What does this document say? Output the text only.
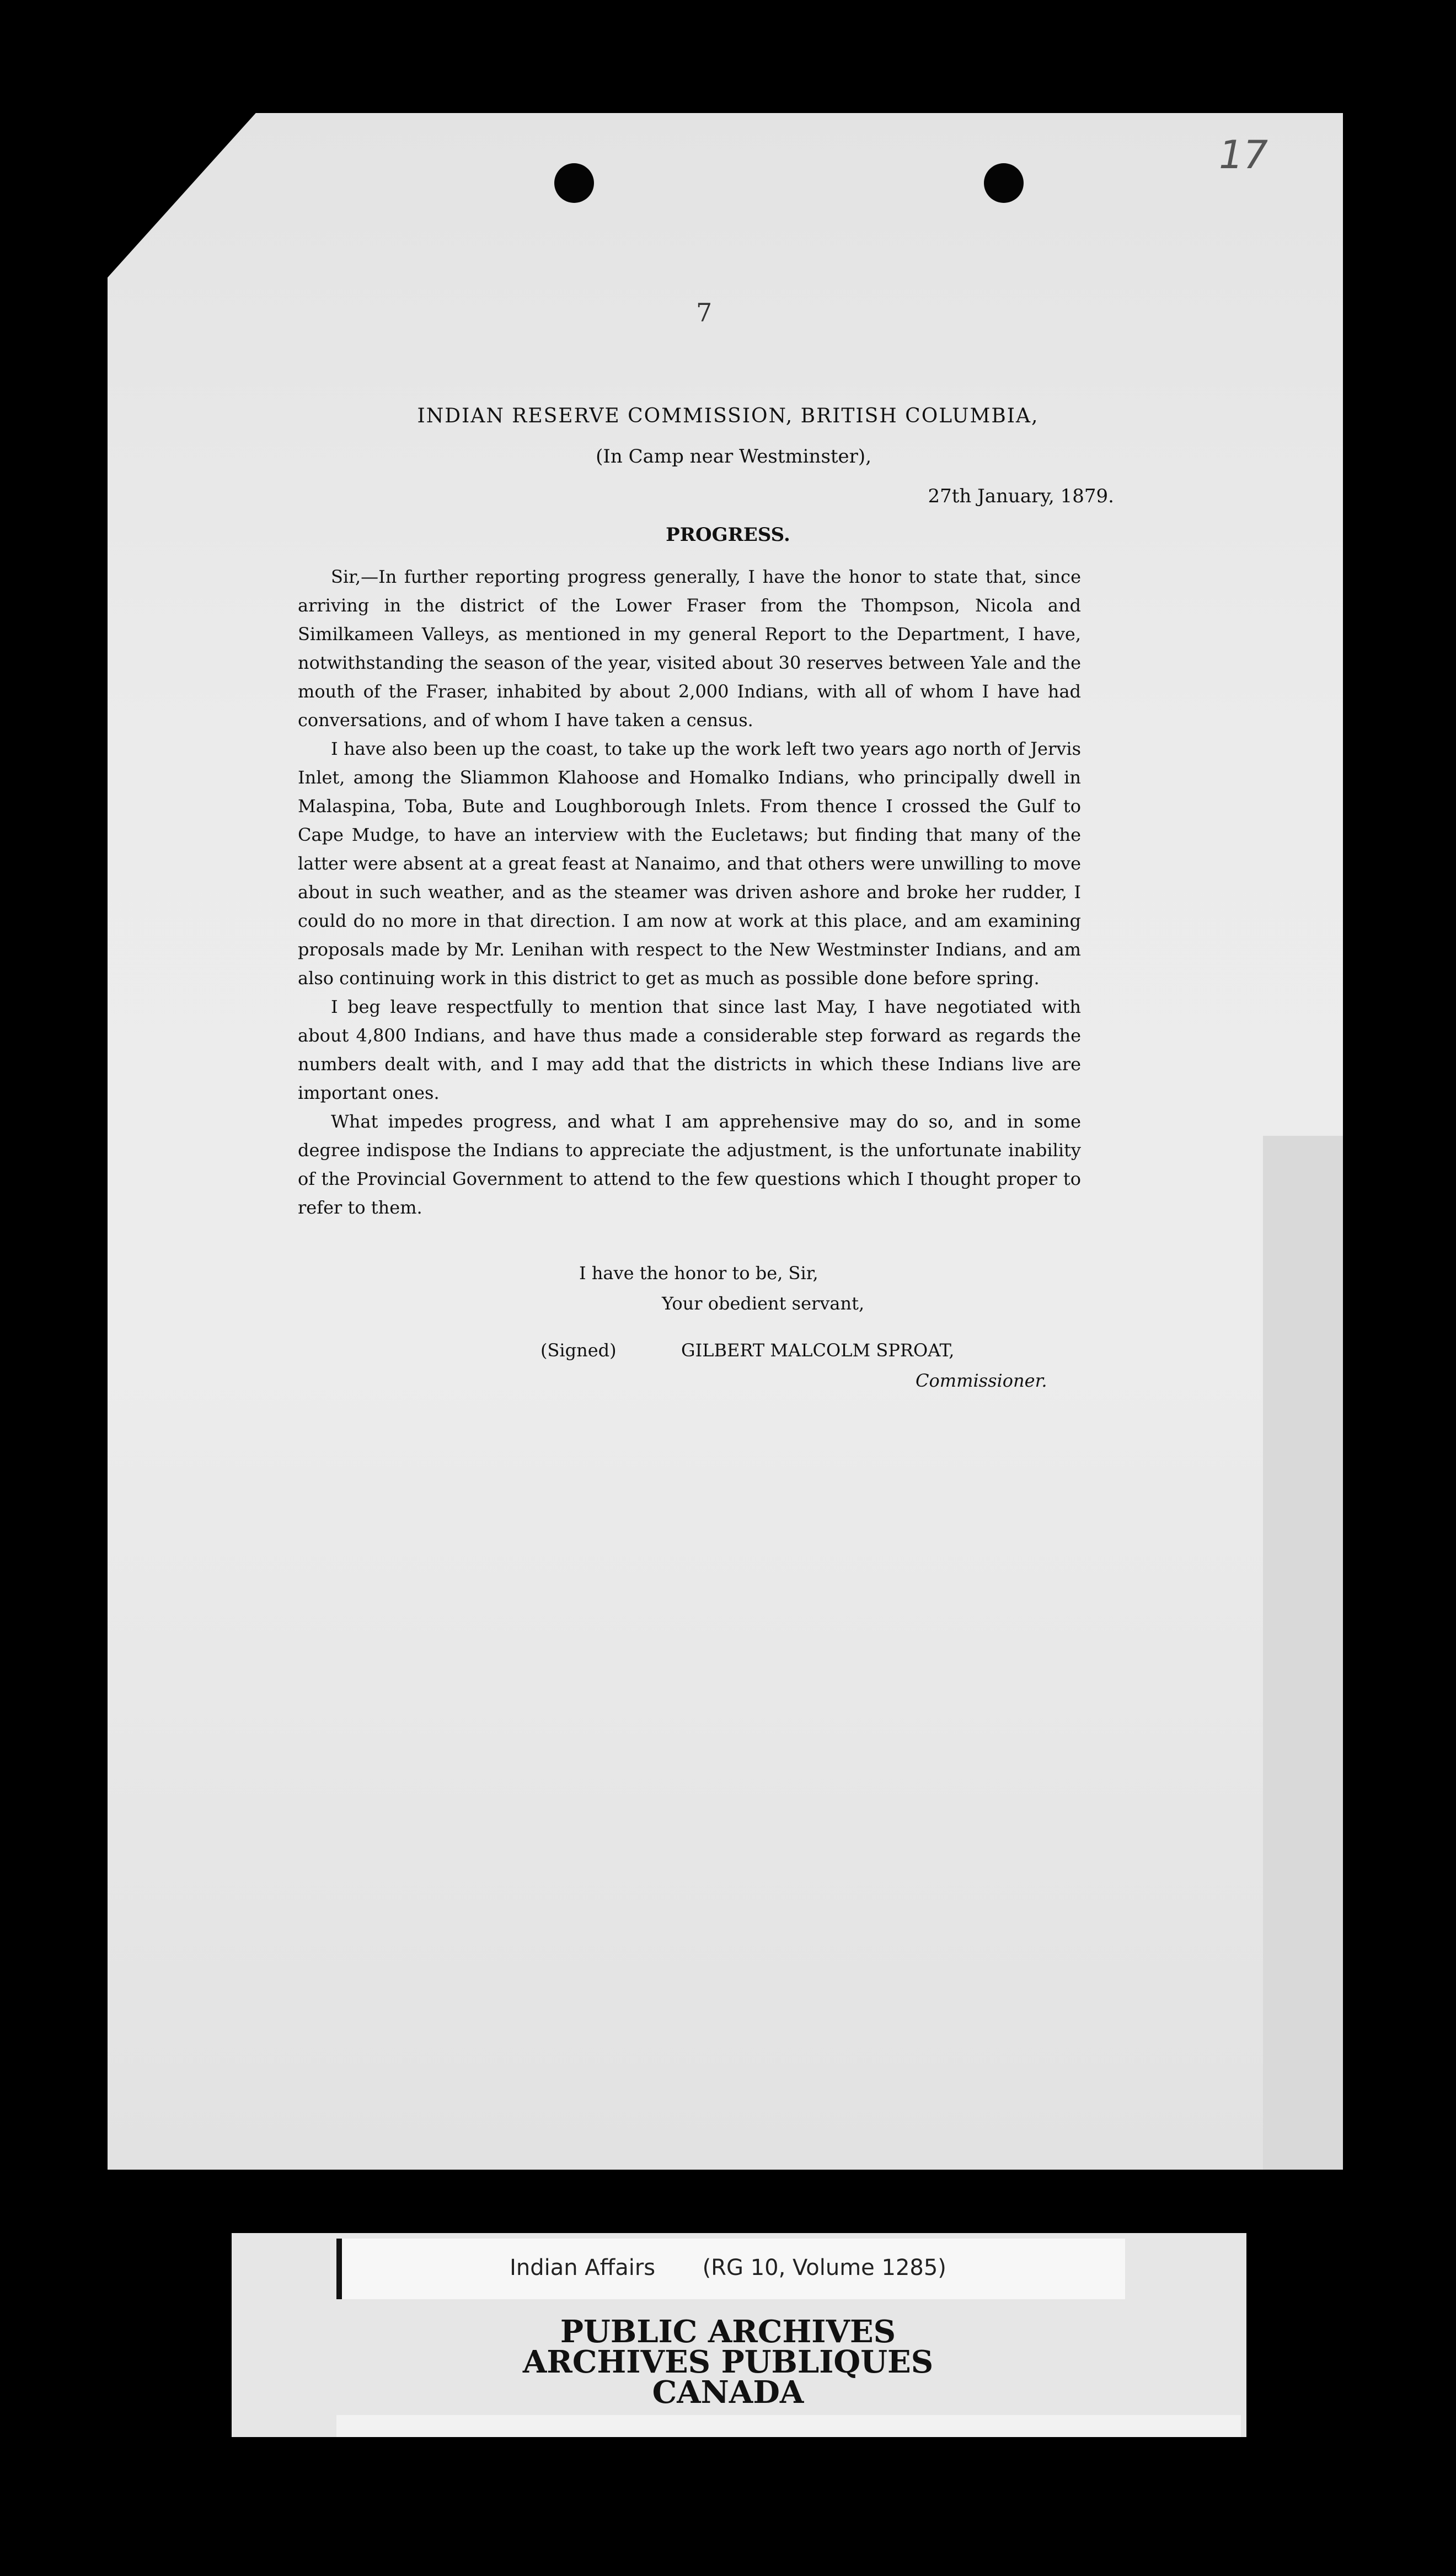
17
7
INDIAN RESERVE COMMISSION, BRITISH COLUMBIA,
(In Camp near Westminster),
27th January, 1879.
PROGRESS.

Sir,—In further reporting progress generally, I have the honor to state that, since arriving in the district of the Lower Fraser from the Thompson, Nicola and Similkameen Valleys, as mentioned in my general Report to the Department, I have, notwithstanding the season of the year, visited about 30 reserves between Yale and the mouth of the Fraser, inhabited by about 2,000 Indians, with all of whom I have had conversations, and of whom I have taken a census.

I have also been up the coast, to take up the work left two years ago north of Jervis Inlet, among the Sliammon Klahoose and Homalko Indians, who principally dwell in Malaspina, Toba, Bute and Loughborough Inlets. From thence I crossed the Gulf to Cape Mudge, to have an interview with the Eucletaws; but finding that many of the latter were absent at a great feast at Nanaimo, and that others were unwilling to move about in such weather, and as the steamer was driven ashore and broke her rudder, I could do no more in that direction. I am now at work at this place, and am examining proposals made by Mr. Lenihan with respect to the New Westminster Indians, and am also continuing work in this district to get as much as possible done before spring.

I beg leave respectfully to mention that since last May, I have negotiated with about 4,800 Indians, and have thus made a considerable step forward as regards the numbers dealt with, and I may add that the districts in which these Indians live are important ones.

What impedes progress, and what I am apprehensive may do so, and in some degree indispose the Indians to appreciate the adjustment, is the unfortunate inability of the Provincial Government to attend to the few questions which I thought proper to refer to them.

I have the honor to be, Sir,
Your obedient servant,
(Signed)	GILBERT MALCOLM SPROAT,
Commissioner.
Indian Affairs (RG 10, Volume 1285)
PUBLIC ARCHIVES
ARCHIVES PUBLIQUES
CANADA
